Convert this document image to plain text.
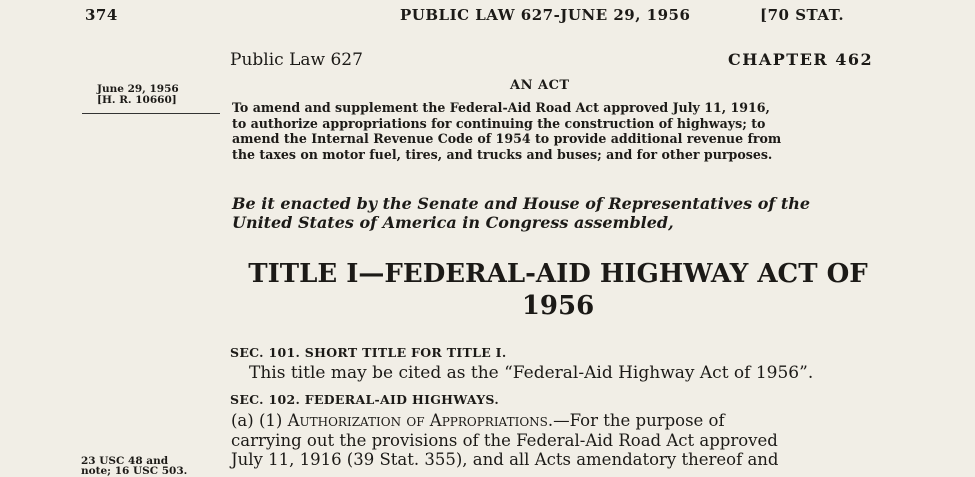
374	PUBLIC LAW 627-JUNE 29, 1956	[70 STAT.
Public Law 627	CHAPTER 462
AN ACT
June 29, 1956
[H. R. 10660]	To amend and supplement the Federal-Aid Road Act approved July 11, 1916,
to authorize appropriations for continuing the construction of highways; to
amend the Internal Revenue Code of 1954 to provide additional revenue from
the taxes on motor fuel, tires, and trucks and buses; and for other purposes.
Be it enacted by the Senate and House of Representatives of the
United States of America in Congress assembled,
TITLE I—FEDERAL-AID HIGHWAY ACT OF
1956
SEC. 101. SHORT TITLE FOR TITLE I.
This title may be cited as the “Federal-Aid Highway Act of 1956”.
SEC. 102. FEDERAL-AID HIGHWAYS.
(a) (1) Authorization of Appropriations.—For the purpose of
carrying out the provisions of the Federal-Aid Road Act approved
July 11, 1916 (39 Stat. 355), and all Acts amendatory thereof and
23 USC 48 and
note; 16 USC 503.
